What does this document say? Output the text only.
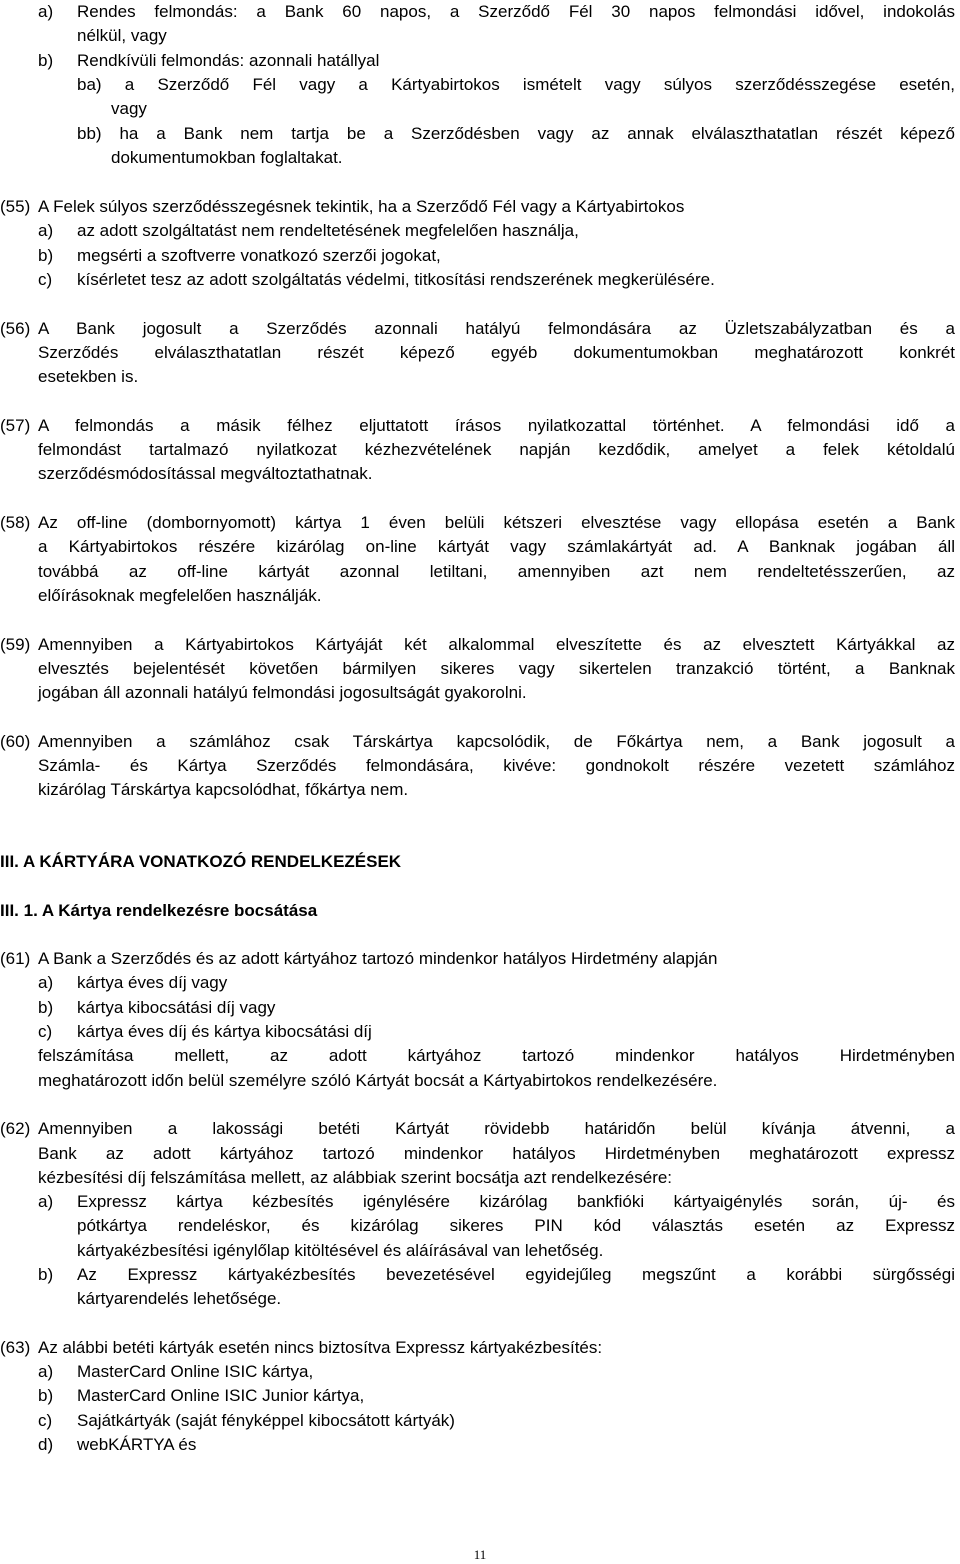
a) Rendes felmondás: a Bank 60 napos, a Szerződő Fél 30 napos felmondási idővel, indokolás
nélkül, vagy
b) Rendkívüli felmondás: azonnali hatállyal
ba) a Szerződő Fél vagy a Kártyabirtokos ismételt vagy súlyos szerződésszegése esetén,
vagy
bb) ha a Bank nem tartja be a Szerződésben vagy az annak elválaszthatatlan részét képező
dokumentumokban foglaltakat.
(55) A Felek súlyos szerződésszegésnek tekintik, ha a Szerződő Fél vagy a Kártyabirtokos
a) az adott szolgáltatást nem rendeltetésének megfelelően használja,
b) megsérti a szoftverre vonatkozó szerzői jogokat,
c) kísérletet tesz az adott szolgáltatás védelmi, titkosítási rendszerének megkerülésére.
(56) A Bank jogosult a Szerződés azonnali hatályú felmondására az Üzletszabályzatban és a
Szerződés elválaszthatatlan részét képező egyéb dokumentumokban meghatározott konkrét
esetekben is.
(57) A felmondás a másik félhez eljuttatott írásos nyilatkozattal történhet. A felmondási idő a
felmondást tartalmazó nyilatkozat kézhezvételének napján kezdődik, amelyet a felek kétoldalú
szerződésmódosítással megváltoztathatnak.
(58) Az off-line (dombornyomott) kártya 1 éven belüli kétszeri elvesztése vagy ellopása esetén a Bank
a Kártyabirtokos részére kizárólag on-line kártyát vagy számlakártyát ad. A Banknak jogában áll
továbbá az off-line kártyát azonnal letiltani, amennyiben azt nem rendeltetésszerűen, az
előírásoknak megfelelően használják.
(59) Amennyiben a Kártyabirtokos Kártyáját két alkalommal elveszítette és az elvesztett Kártyákkal az
elvesztés bejelentését követően bármilyen sikeres vagy sikertelen tranzakció történt, a Banknak
jogában áll azonnali hatályú felmondási jogosultságát gyakorolni.
(60) Amennyiben a számlához csak Társkártya kapcsolódik, de Főkártya nem, a Bank jogosult a
Számla- és Kártya Szerződés felmondására, kivéve: gondnokolt részére vezetett számlához
kizárólag Társkártya kapcsolódhat, főkártya nem.
III. A KÁRTYÁRA VONATKOZÓ RENDELKEZÉSEK
III. 1. A Kártya rendelkezésre bocsátása
(61) A Bank a Szerződés és az adott kártyához tartozó mindenkor hatályos Hirdetmény alapján
a) kártya éves díj vagy
b) kártya kibocsátási díj vagy
c) kártya éves díj és kártya kibocsátási díj
felszámítása mellett, az adott kártyához tartozó mindenkor hatályos Hirdetményben
meghatározott időn belül személyre szóló Kártyát bocsát a Kártyabirtokos rendelkezésére.
(62) Amennyiben a lakossági betéti Kártyát rövidebb határidőn belül kívánja átvenni, a
Bank az adott kártyához tartozó mindenkor hatályos Hirdetményben meghatározott expressz
kézbesítési díj felszámítása mellett, az alábbiak szerint bocsátja azt rendelkezésére:
a) Expressz kártya kézbesítés igénylésére kizárólag bankfióki kártyaigénylés során, új- és
pótkártya rendeléskor, és kizárólag sikeres PIN kód választás esetén az Expressz
kártyakézbesítési igénylőlap kitöltésével és aláírásával van lehetőség.
b) Az Expressz kártyakézbesítés bevezetésével egyidejűleg megszűnt a korábbi sürgősségi
kártyarendelés lehetősége.
(63) Az alábbi betéti kártyák esetén nincs biztosítva Expressz kártyakézbesítés:
a) MasterCard Online ISIC kártya,
b) MasterCard Online ISIC Junior kártya,
c) Sajátkártyák (saját fényképpel kibocsátott kártyák)
d) webKÁRTYA és
11
